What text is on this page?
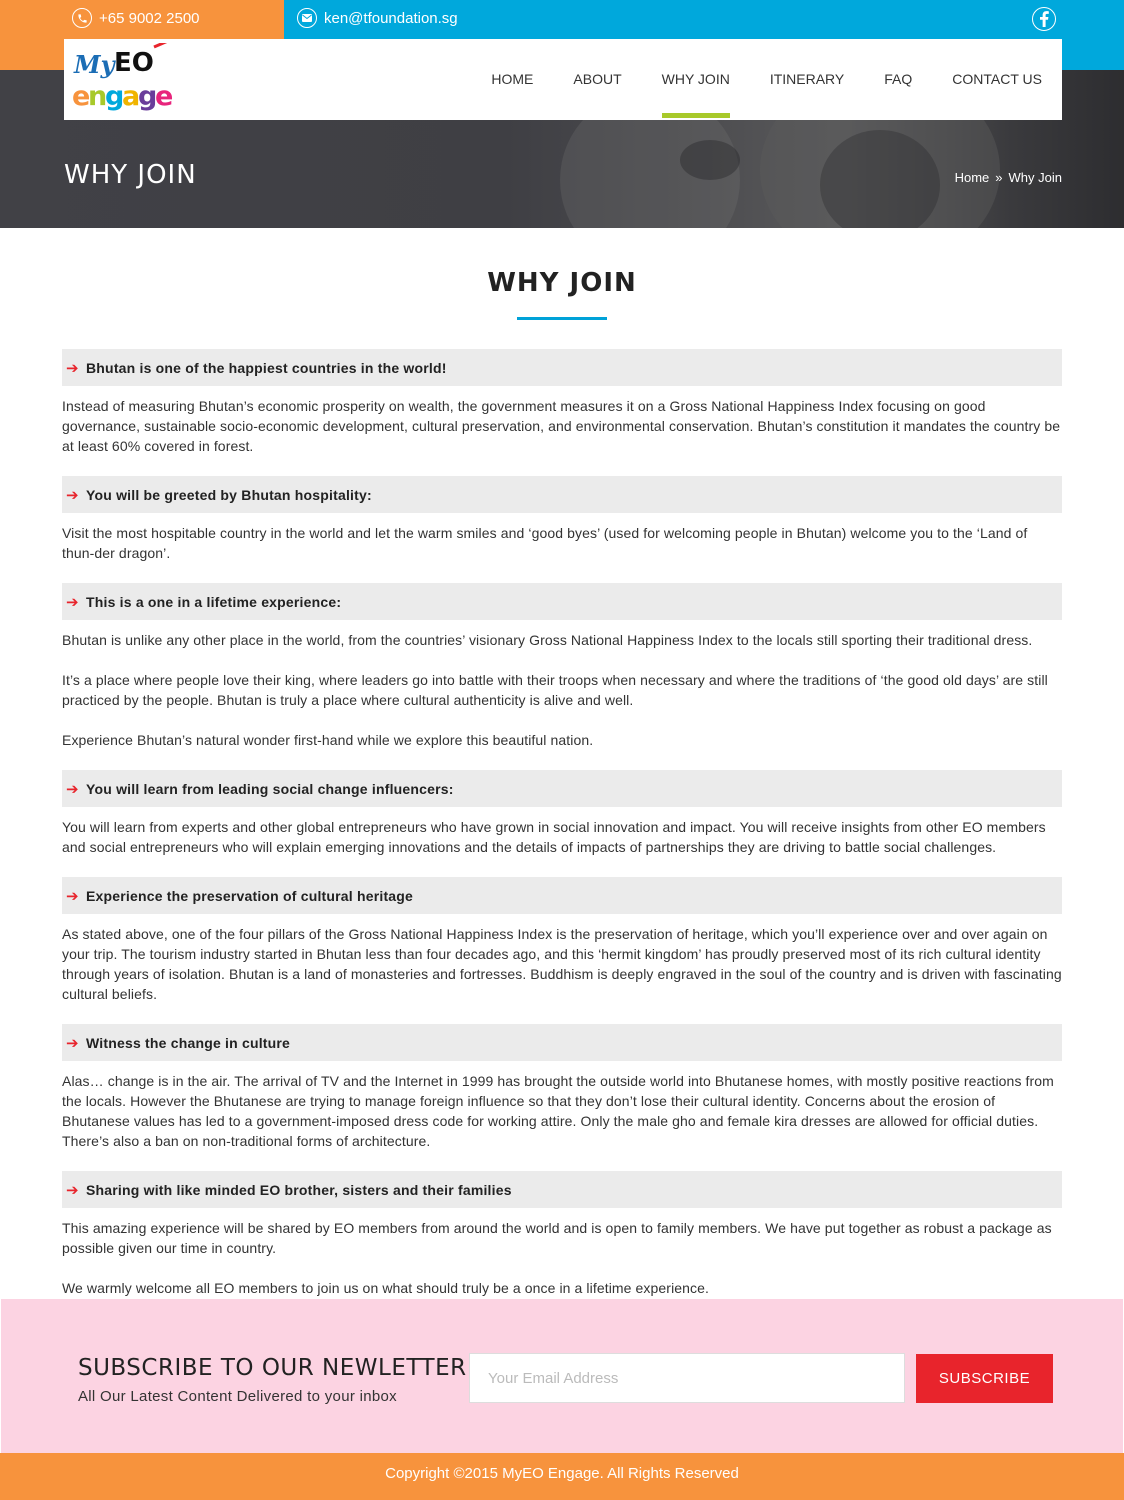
+65 9002 2500	ken@tfoundation.sg
WHY JOIN	Home » Why Join
My EO
e
n
g
a
g
e
HOME	ABOUT	WHY JOIN	ITINERARY	FAQ	CONTACT US
WHY JOIN
➔ Bhutan is one of the happiest countries in the world!

Instead of measuring Bhutan’s economic prosperity on wealth, the government measures it on a Gross National Happiness Index focusing on good governance, sustainable socio-economic development, cultural preservation, and environmental conservation. Bhutan’s constitution it mandates the country be at least 60% covered in forest.

➔ You will be greeted by Bhutan hospitality:

Visit the most hospitable country in the world and let the warm smiles and ‘good byes’ (used for welcoming people in Bhutan) welcome you to the ‘Land of thun-der dragon’.

➔ This is a one in a lifetime experience:

Bhutan is unlike any other place in the world, from the countries’ visionary Gross National Happiness Index to the locals still sporting their traditional dress.

It’s a place where people love their king, where leaders go into battle with their troops when necessary and where the traditions of ‘the good old days’ are still practiced by the people. Bhutan is truly a place where cultural authenticity is alive and well.

Experience Bhutan’s natural wonder first-hand while we explore this beautiful nation.

➔ You will learn from leading social change influencers:

You will learn from experts and other global entrepreneurs who have grown in social innovation and impact. You will receive insights from other EO members and social entrepreneurs who will explain emerging innovations and the details of impacts of partnerships they are driving to battle social challenges.

➔ Experience the preservation of cultural heritage

As stated above, one of the four pillars of the Gross National Happiness Index is the preservation of heritage, which you’ll experience over and over again on your trip. The tourism industry started in Bhutan less than four decades ago, and this ‘hermit kingdom’ has proudly preserved most of its rich cultural identity through years of isolation. Bhutan is a land of monasteries and fortresses. Buddhism is deeply engraved in the soul of the country and is driven with fascinating cultural beliefs.

➔ Witness the change in culture

Alas… change is in the air. The arrival of TV and the Internet in 1999 has brought the outside world into Bhutanese homes, with mostly positive reactions from the locals. However the Bhutanese are trying to manage foreign influence so that they don’t lose their cultural identity. Concerns about the erosion of Bhutanese values has led to a government-imposed dress code for working attire. Only the male gho and female kira dresses are allowed for official duties. There’s also a ban on non-traditional forms of architecture.

➔ Sharing with like minded EO brother, sisters and their families

This amazing experience will be shared by EO members from around the world and is open to family members. We have put together as robust a package as possible given our time in country.

We warmly welcome all EO members to join us on what should truly be a once in a lifetime experience.

SUBSCRIBE TO OUR NEWLETTER
All Our Latest Content Delivered to your inbox
Your Email Address
SUBSCRIBE
Copyright ©2015 MyEO Engage. All Rights Reserved
